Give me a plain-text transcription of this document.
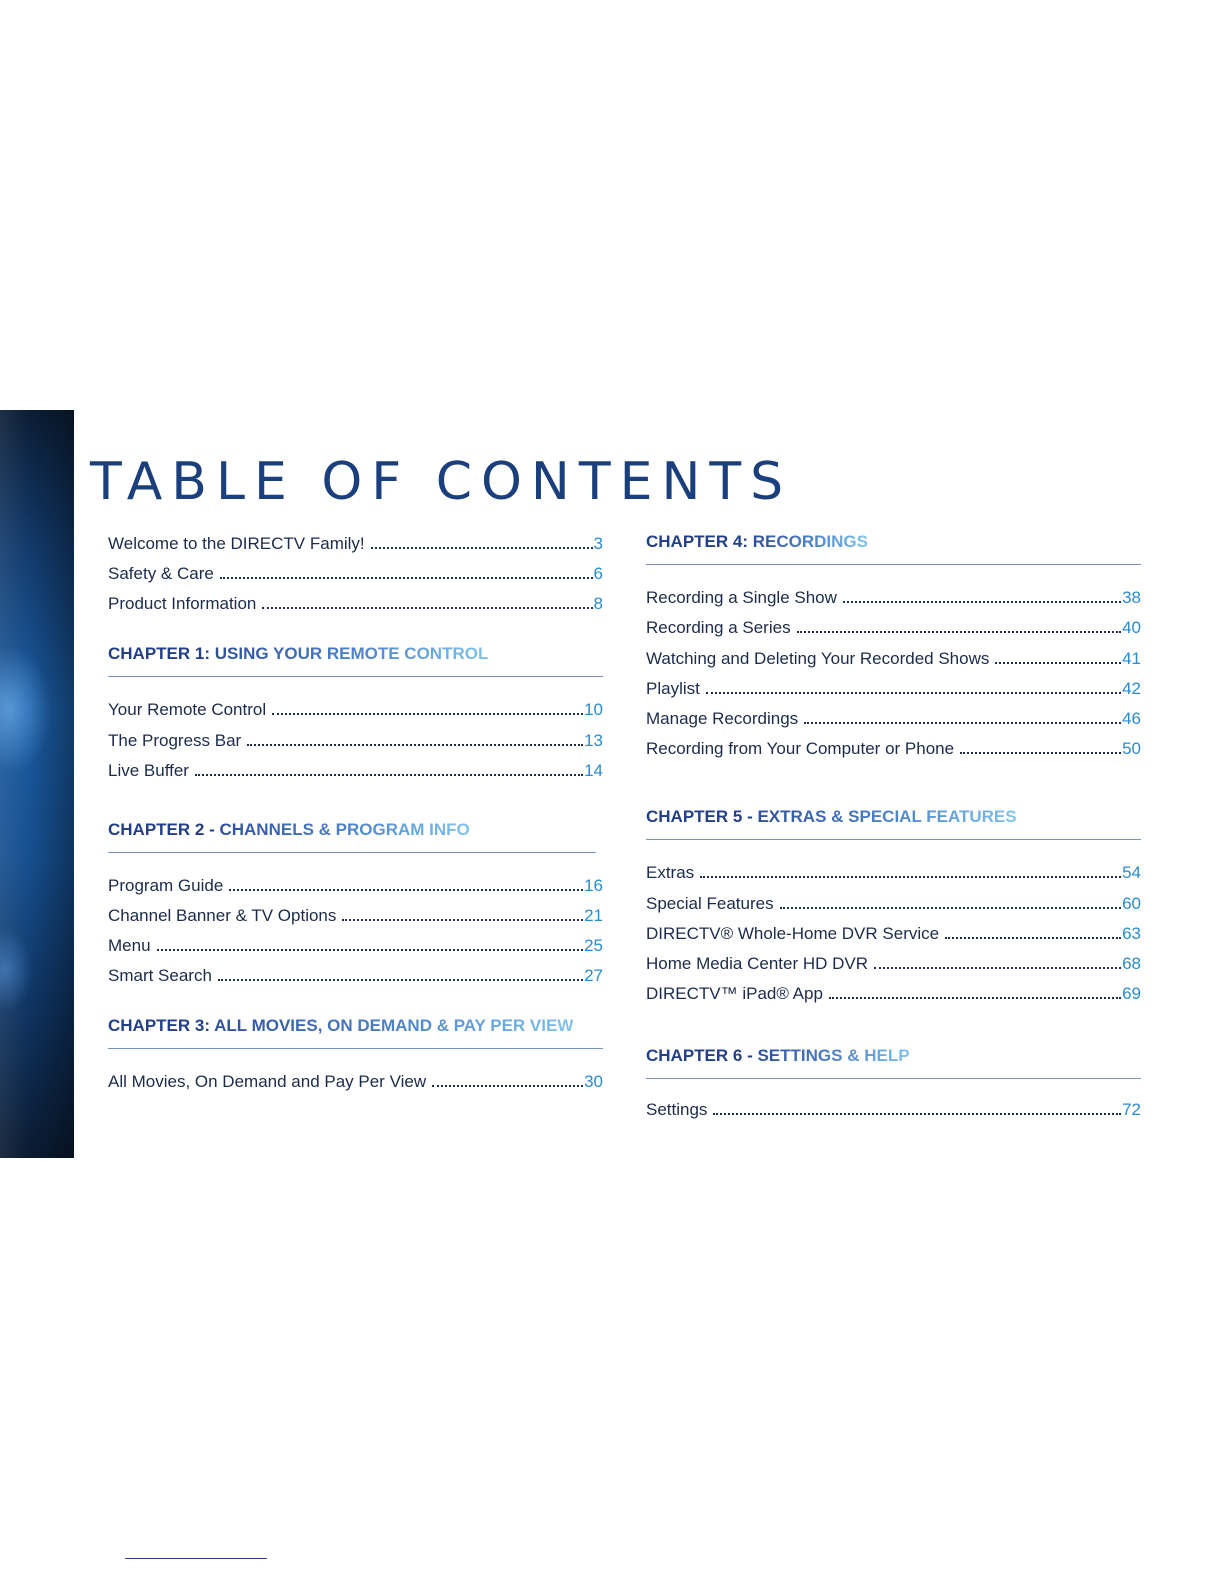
TABLE OF CONTENTS
Welcome to the DIRECTV Family!	3
Safety & Care	6
Product Information	8
CHAPTER 1: USING YOUR REMOTE CONTROL
Your Remote Control	10
The Progress Bar	13
Live Buffer	14
CHAPTER 2 - CHANNELS & PROGRAM INFO
Program Guide	16
Channel Banner & TV Options	21
Menu	25
Smart Search	27
CHAPTER 3: ALL MOVIES, ON DEMAND & PAY PER VIEW
All Movies, On Demand and Pay Per View	30
CHAPTER 4: RECORDINGS
Recording a Single Show	38
Recording a Series	40
Watching and Deleting Your Recorded Shows	41
Playlist	42
Manage Recordings	46
Recording from Your Computer or Phone	50
CHAPTER 5 - EXTRAS & SPECIAL FEATURES
Extras	54
Special Features	60
DIRECTV® Whole-Home DVR Service	63
Home Media Center HD DVR	68
DIRECTV™ iPad® App	69
CHAPTER 6 - SETTINGS & HELP
Settings	72
